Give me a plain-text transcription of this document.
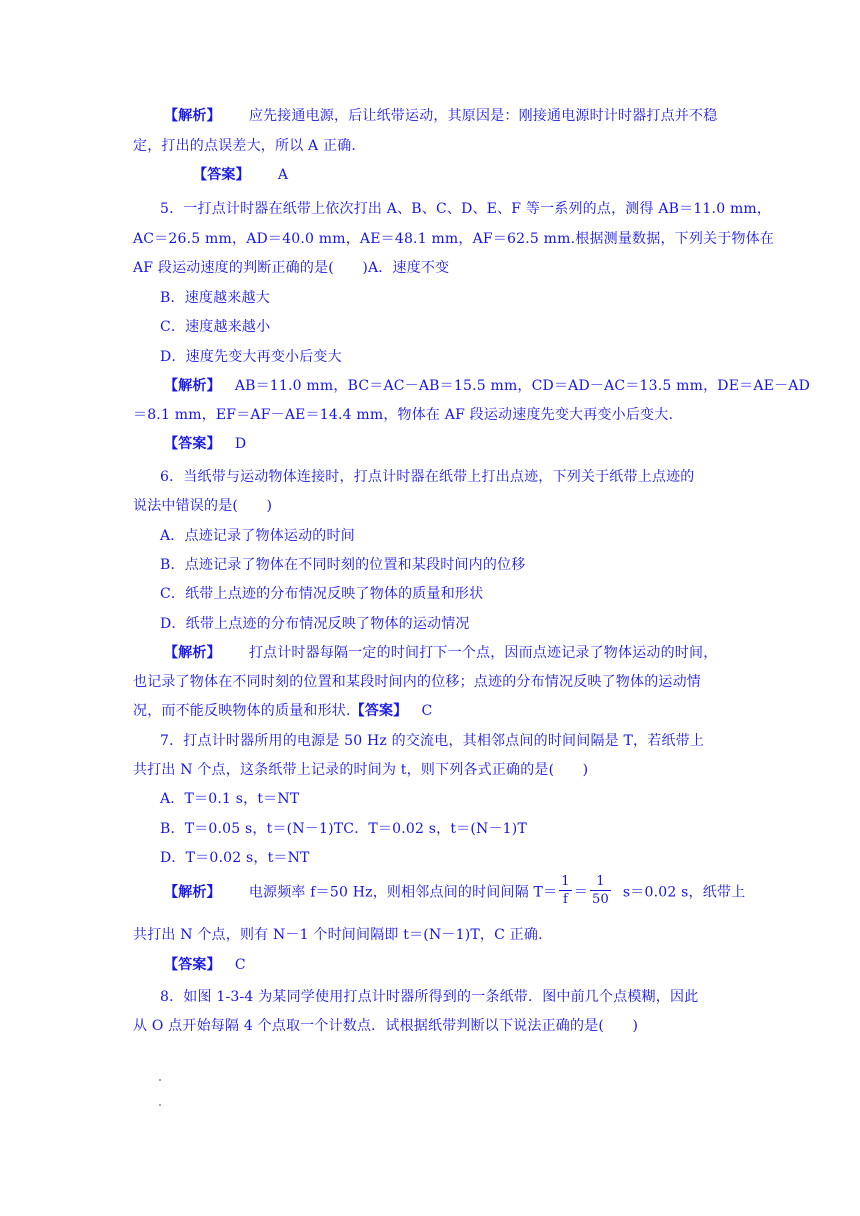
【解析】 应先接通电源，后让纸带运动，其原因是：刚接通电源时计时器打点并不稳
定，打出的点误差大，所以 A 正确.
【答案】 A
5．一打点计时器在纸带上依次打出 A、B、C、D、E、F 等一系列的点，测得 AB＝11.0 mm，
AC＝26.5 mm，AD＝40.0 mm，AE＝48.1 mm，AF＝62.5 mm.根据测量数据，下列关于物体在
AF 段运动速度的判断正确的是(　　)A．速度不变
B．速度越来越大
C．速度越来越小
D．速度先变大再变小后变大
【解析】 AB＝11.0 mm，BC＝AC－AB＝15.5 mm，CD＝AD－AC＝13.5 mm，DE＝AE－AD
＝8.1 mm，EF＝AF－AE＝14.4 mm，物体在 AF 段运动速度先变大再变小后变大.
【答案】 D
6．当纸带与运动物体连接时，打点计时器在纸带上打出点迹，下列关于纸带上点迹的
说法中错误的是(　　)
A．点迹记录了物体运动的时间
B．点迹记录了物体在不同时刻的位置和某段时间内的位移
C．纸带上点迹的分布情况反映了物体的质量和形状
D．纸带上点迹的分布情况反映了物体的运动情况
【解析】 打点计时器每隔一定的时间打下一个点，因而点迹记录了物体运动的时间，
也记录了物体在不同时刻的位置和某段时间内的位移；点迹的分布情况反映了物体的运动情
况，而不能反映物体的质量和形状.【答案】 C
7．打点计时器所用的电源是 50 Hz 的交流电，其相邻点间的时间间隔是 T，若纸带上
共打出 N 个点，这条纸带上记录的时间为 t，则下列各式正确的是(　　)
A．T＝0.1 s，t＝NT
B．T＝0.05 s，t＝(N－1)TC．T＝0.02 s，t＝(N－1)T
D．T＝0.02 s，t＝NT
【解析】 电源频率 f＝50 Hz，则相邻点间的时间间隔 $T= \frac{1}{f} = \frac{1}{50} s=0.02$ s，纸带上
共打出 N 个点，则有 N－1 个时间间隔即 t＝(N－1)T，C 正确.
【答案】 C
8．如图 1-3-4 为某同学使用打点计时器所得到的一条纸带．图中前几个点模糊，因此
从 O 点开始每隔 4 个点取一个计数点．试根据纸带判断以下说法正确的是(　　)
